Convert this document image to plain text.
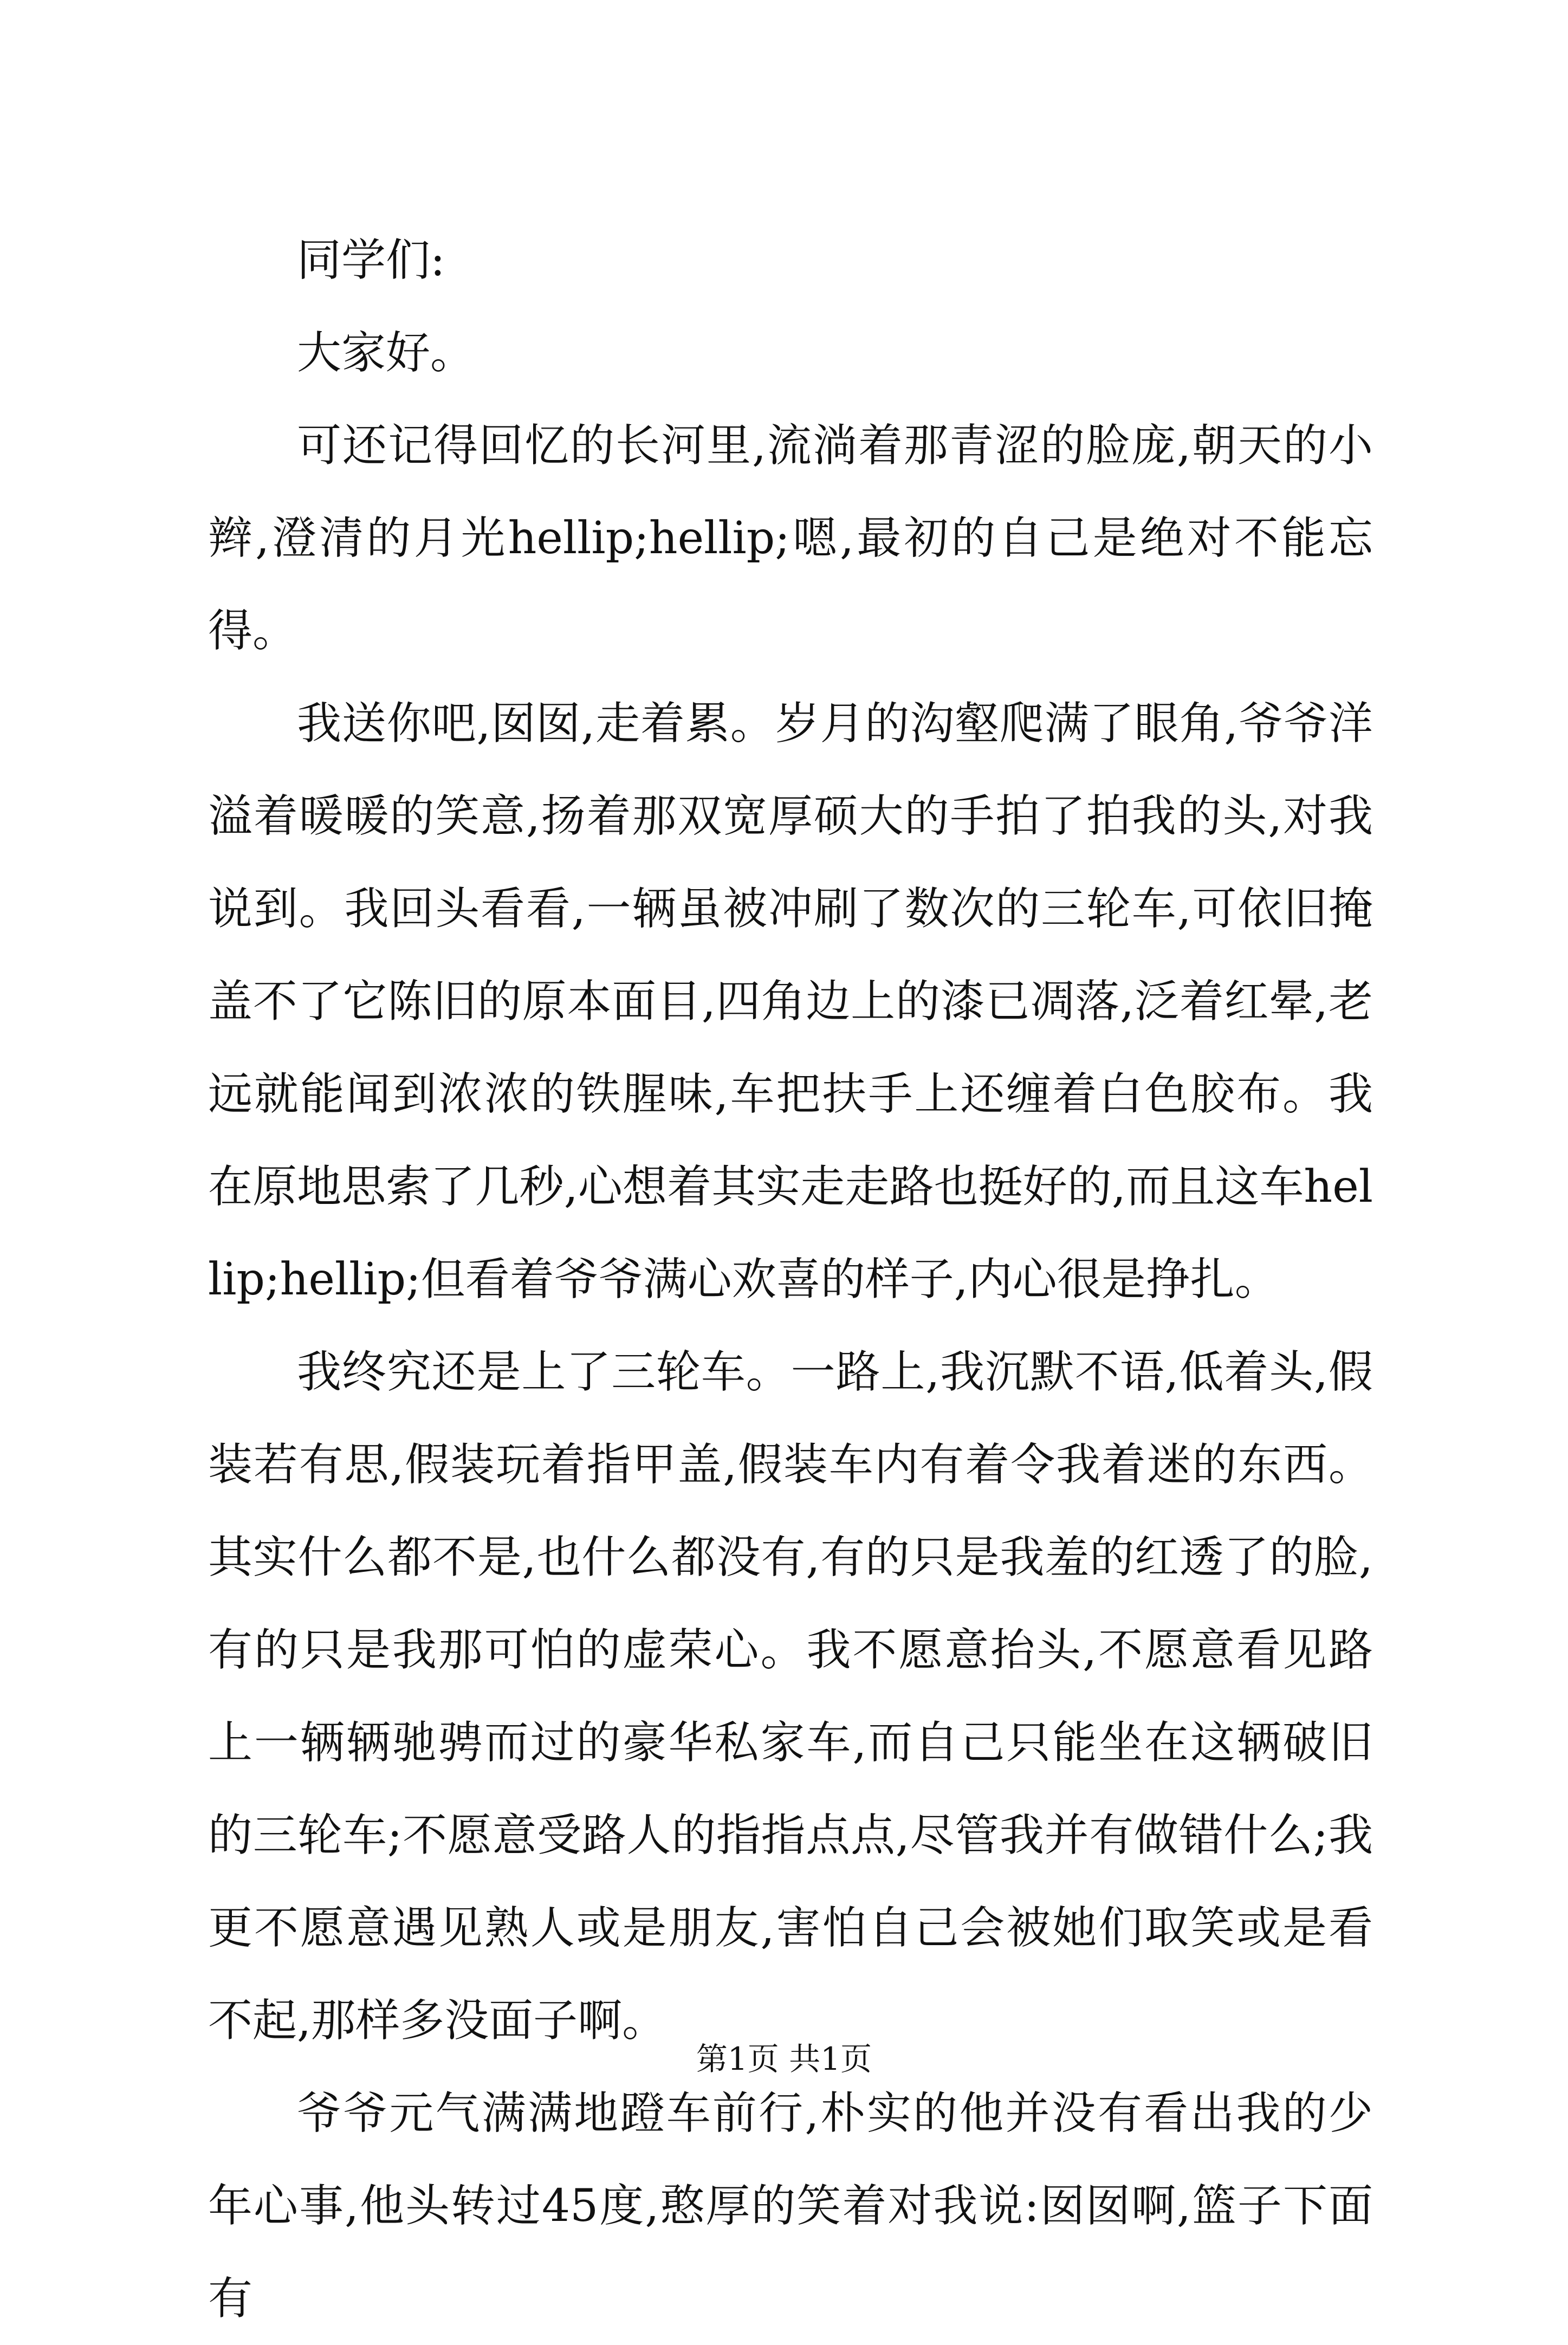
同学们:

大家好。

可还记得回忆的长河里,流淌着那青涩的脸庞,朝天的小辫,澄清的月光hellip;hellip;嗯,最初的自己是绝对不能忘得。

我送你吧,囡囡,走着累。岁月的沟壑爬满了眼角,爷爷洋溢着暖暖的笑意,扬着那双宽厚硕大的手拍了拍我的头,对我说到。我回头看看,一辆虽被冲刷了数次的三轮车,可依旧掩盖不了它陈旧的原本面目,四角边上的漆已凋落,泛着红晕,老远就能闻到浓浓的铁腥味,车把扶手上还缠着白色胶布。我在原地思索了几秒,心想着其实走走路也挺好的,而且这车hellip;hellip;但看着爷爷满心欢喜的样子,内心很是挣扎。

我终究还是上了三轮车。一路上,我沉默不语,低着头,假装若有思,假装玩着指甲盖,假装车内有着令我着迷的东西。其实什么都不是,也什么都没有,有的只是我羞的红透了的脸,有的只是我那可怕的虚荣心。我不愿意抬头,不愿意看见路上一辆辆驰骋而过的豪华私家车,而自己只能坐在这辆破旧的三轮车;不愿意受路人的指指点点,尽管我并有做错什么;我更不愿意遇见熟人或是朋友,害怕自己会被她们取笑或是看不起,那样多没面子啊。

爷爷元气满满地蹬车前行,朴实的他并没有看出我的少年心事,他头转过45度,憨厚的笑着对我说:囡囡啊,篮子下面有

第1页 共1页
